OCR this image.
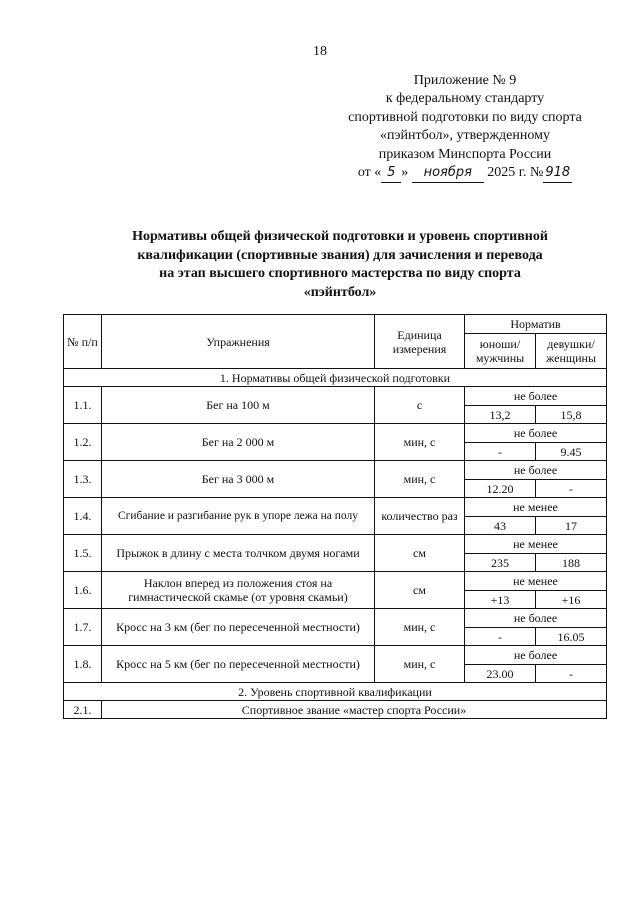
18
Приложение № 9
к федеральному стандарту
спортивной подготовки по виду спорта
«пэйнтбол», утвержденному
приказом Минспорта России
от « 5 » ноября 2025 г. № 918
Нормативы общей физической подготовки и уровень спортивной
квалификации (спортивные звания) для зачисления и перевода
на этап высшего спортивного мастерства по виду спорта
«пэйнтбол»
№ п/п	Упражнения	Единица измерения	Норматив	
			юноши/ мужчины	девушки/ женщины
1. Нормативы общей физической подготовки				
1.1.	Бег на 100 м	с	не более	
			13,2	15,8
1.2.	Бег на 2 000 м	мин, с	не более	
			-	9.45
1.3.	Бег на 3 000 м	мин, с	не более	
			12.20	-
1.4.	Сгибание и разгибание рук в упоре лежа на полу	количество раз	не менее	
			43	17
1.5.	Прыжок в длину с места толчком двумя ногами	см	не менее	
			235	188
1.6.	Наклон вперед из положения стоя на гимнастической скамье (от уровня скамьи)	см	не менее	
			+13	+16
1.7.	Кросс на 3 км (бег по пересеченной местности)	мин, с	не более	
			-	16.05
1.8.	Кросс на 5 км (бег по пересеченной местности)	мин, с	не более	
			23.00	-
2. Уровень спортивной квалификации				
2.1.	Спортивное звание «мастер спорта России»			
